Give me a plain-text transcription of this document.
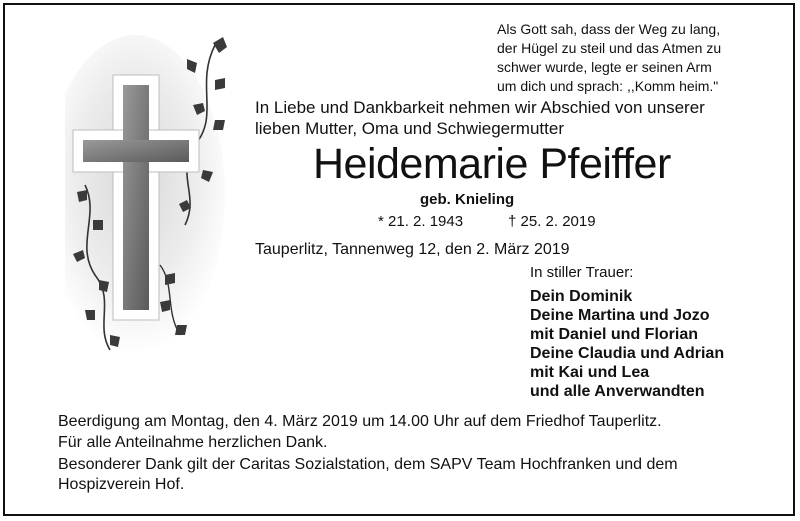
Als Gott sah, dass der Weg zu lang,
der Hügel zu steil und das Atmen zu
schwer wurde, legte er seinen Arm
um dich und sprach: ,,Komm heim."
In Liebe und Dankbarkeit nehmen wir Abschied von unserer
lieben Mutter, Oma und Schwiegermutter
Heidemarie Pfeiffer
geb. Knieling
* 21. 2. 1943	† 25. 2. 2019
Tauperlitz, Tannenweg 12, den 2. März 2019
In stiller Trauer:
Dein Dominik
Deine Martina und Jozo
mit Daniel und Florian
Deine Claudia und Adrian
mit Kai und Lea
und alle Anverwandten
Beerdigung am Montag, den 4. März 2019 um 14.00 Uhr auf dem Friedhof Tauperlitz.
Für alle Anteilnahme herzlichen Dank.
Besonderer Dank gilt der Caritas Sozialstation, dem SAPV Team Hochfranken und dem
Hospizverein Hof.
